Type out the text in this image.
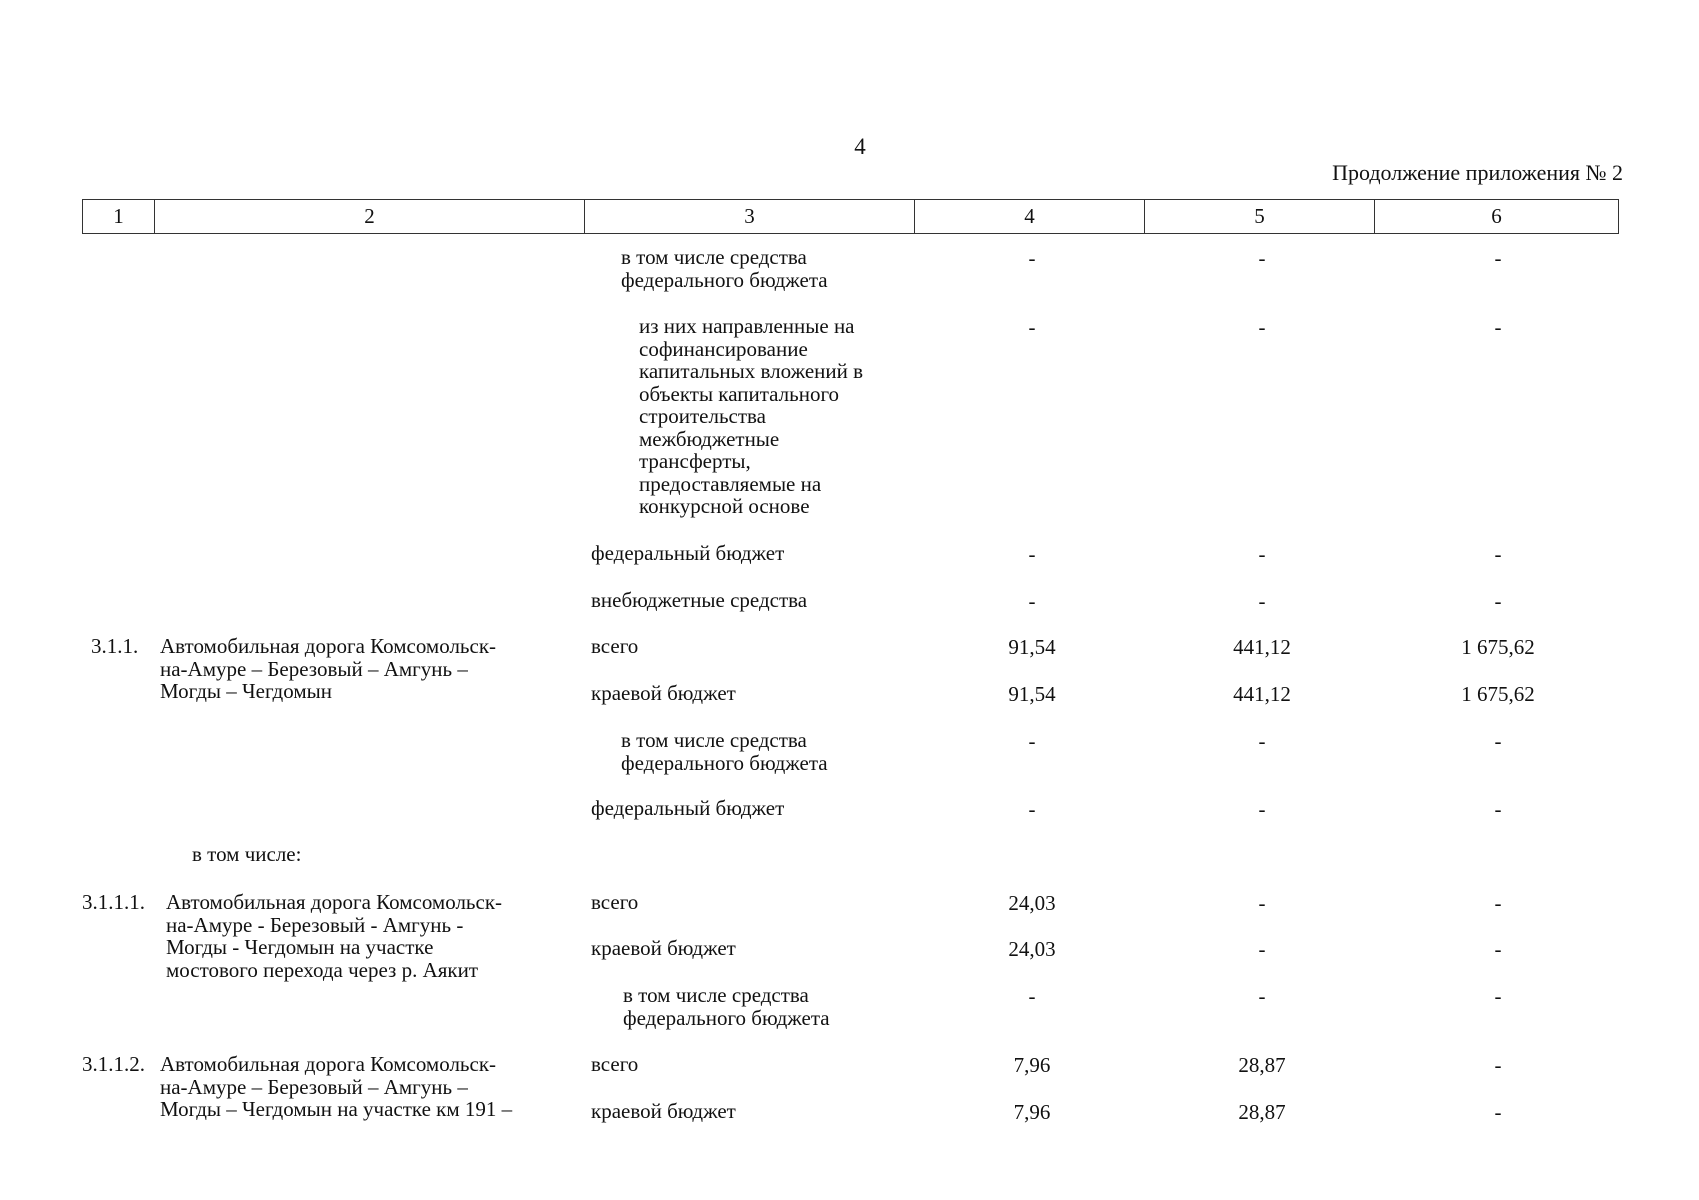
4
Продолжение приложения № 2
1	2	3	4	5	6
в том числе средства
федерального бюджета
-	-	-
из них направленные на
софинансирование
капитальных вложений в
объекты капитального
строительства
межбюджетные
трансферты,
предоставляемые на
конкурсной основе
-	-	-
федеральный бюджет	-	-	-
внебюджетные средства	-	-	-
3.1.1. Автомобильная дорога Комсомольск-
на-Амуре – Березовый – Амгунь –
Могды – Чегдомын
всего	91,54	441,12	1 675,62
краевой бюджет	91,54	441,12	1 675,62
в том числе средства
федерального бюджета
-	-	-
федеральный бюджет	-	-	-
в том числе:
3.1.1.1. Автомобильная дорога Комсомольск-
на-Амуре - Березовый - Амгунь -
Могды - Чегдомын на участке
мостового перехода через р. Аякит
всего	24,03	-	-
краевой бюджет	24,03	-	-
в том числе средства
федерального бюджета
-	-	-
3.1.1.2. Автомобильная дорога Комсомольск-
на-Амуре – Березовый – Амгунь –
Могды – Чегдомын на участке км 191 –
всего	7,96	28,87	-
краевой бюджет	7,96	28,87	-
